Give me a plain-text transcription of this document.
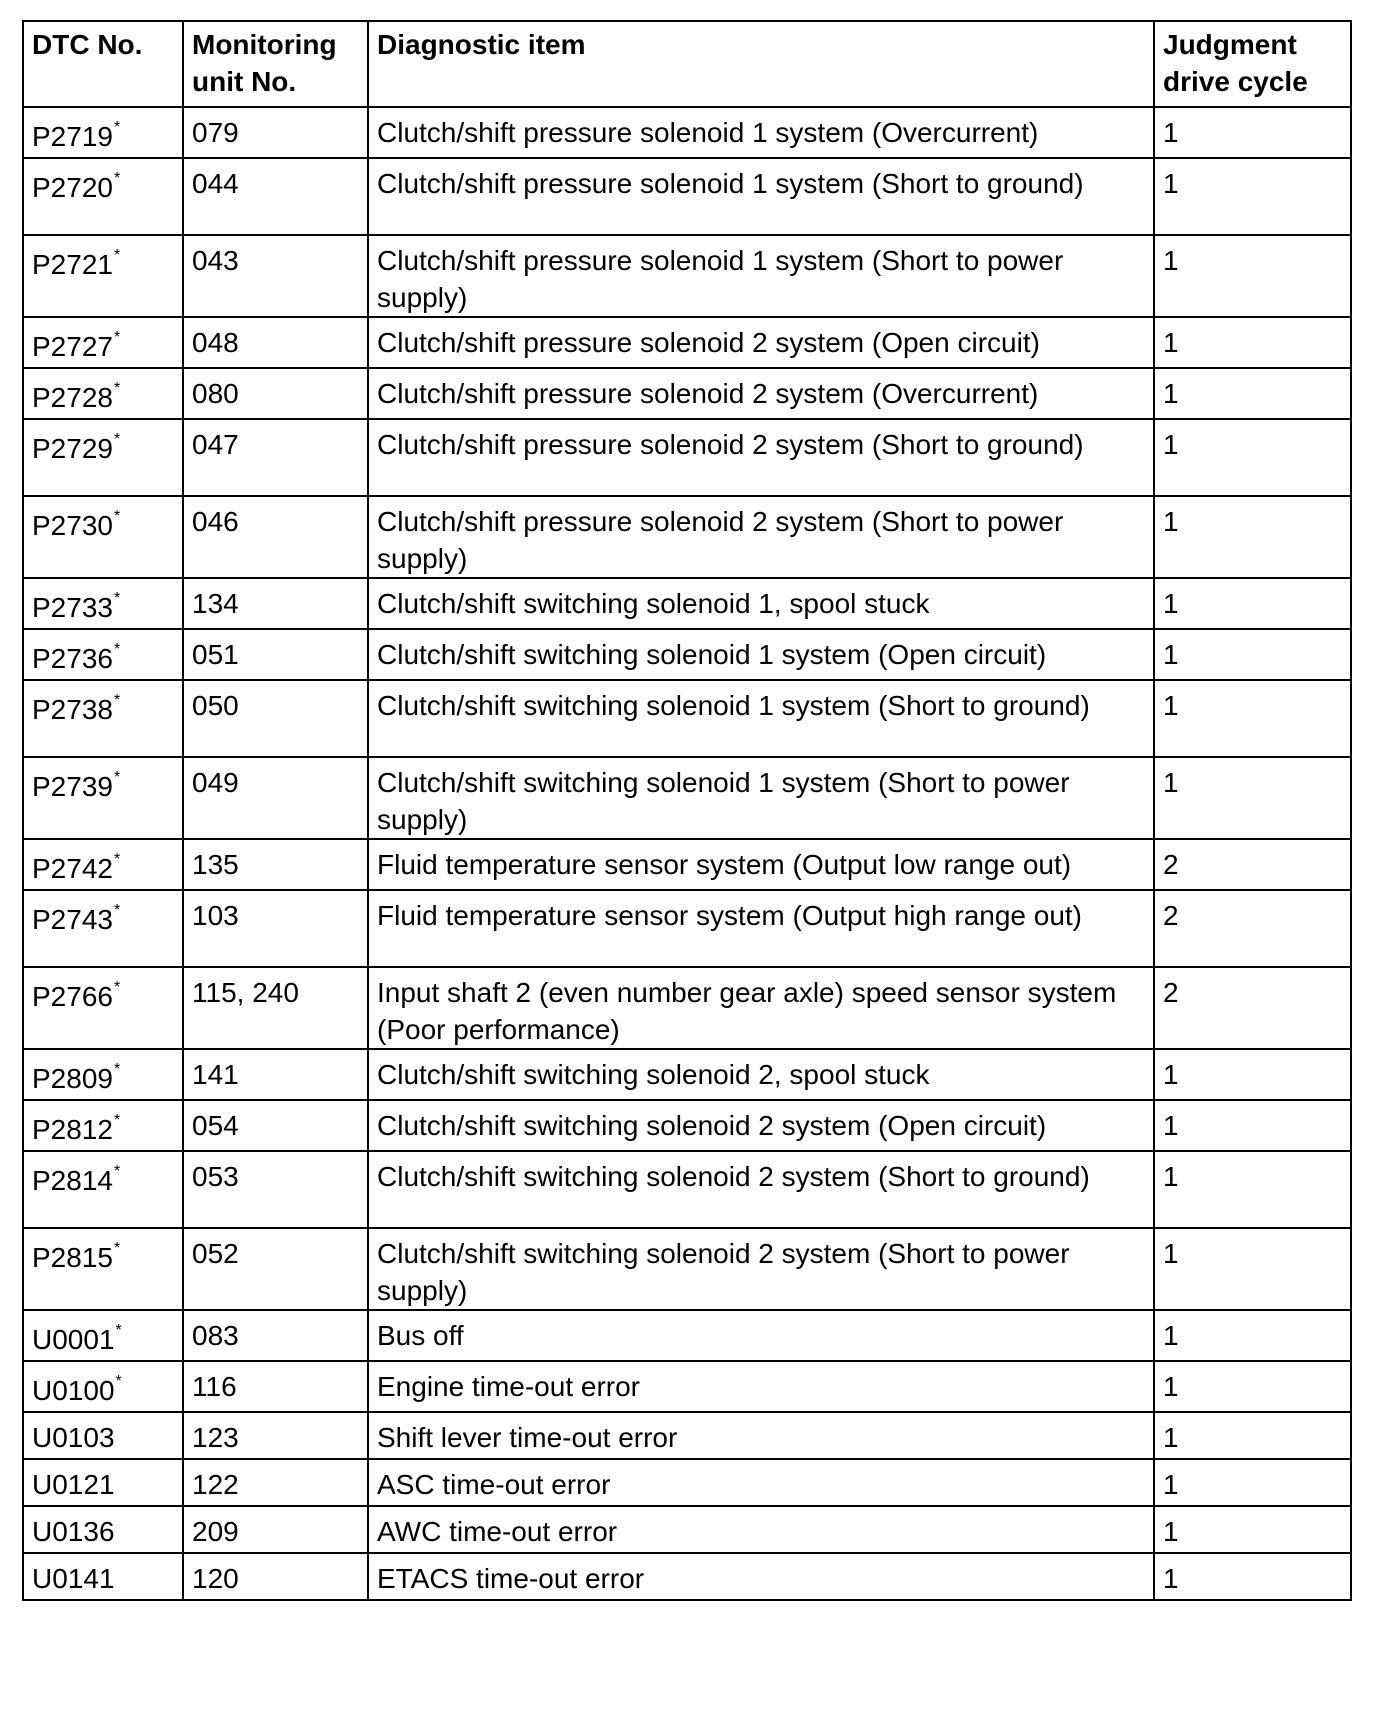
DTC No.	Monitoring unit No.	Diagnostic item	Judgment drive cycle
P2719*	079	Clutch/shift pressure solenoid 1 system (Overcurrent)	1
P2720*	044	Clutch/shift pressure solenoid 1 system (Short to ground)	1
P2721*	043	Clutch/shift pressure solenoid 1 system (Short to power supply)	1
P2727*	048	Clutch/shift pressure solenoid 2 system (Open circuit)	1
P2728*	080	Clutch/shift pressure solenoid 2 system (Overcurrent)	1
P2729*	047	Clutch/shift pressure solenoid 2 system (Short to ground)	1
P2730*	046	Clutch/shift pressure solenoid 2 system (Short to power supply)	1
P2733*	134	Clutch/shift switching solenoid 1, spool stuck	1
P2736*	051	Clutch/shift switching solenoid 1 system (Open circuit)	1
P2738*	050	Clutch/shift switching solenoid 1 system (Short to ground)	1
P2739*	049	Clutch/shift switching solenoid 1 system (Short to power supply)	1
P2742*	135	Fluid temperature sensor system (Output low range out)	2
P2743*	103	Fluid temperature sensor system (Output high range out)	2
P2766*	115, 240	Input shaft 2 (even number gear axle) speed sensor system (Poor performance)	2
P2809*	141	Clutch/shift switching solenoid 2, spool stuck	1
P2812*	054	Clutch/shift switching solenoid 2 system (Open circuit)	1
P2814*	053	Clutch/shift switching solenoid 2 system (Short to ground)	1
P2815*	052	Clutch/shift switching solenoid 2 system (Short to power supply)	1
U0001*	083	Bus off	1
U0100*	116	Engine time-out error	1
U0103	123	Shift lever time-out error	1
U0121	122	ASC time-out error	1
U0136	209	AWC time-out error	1
U0141	120	ETACS time-out error	1
